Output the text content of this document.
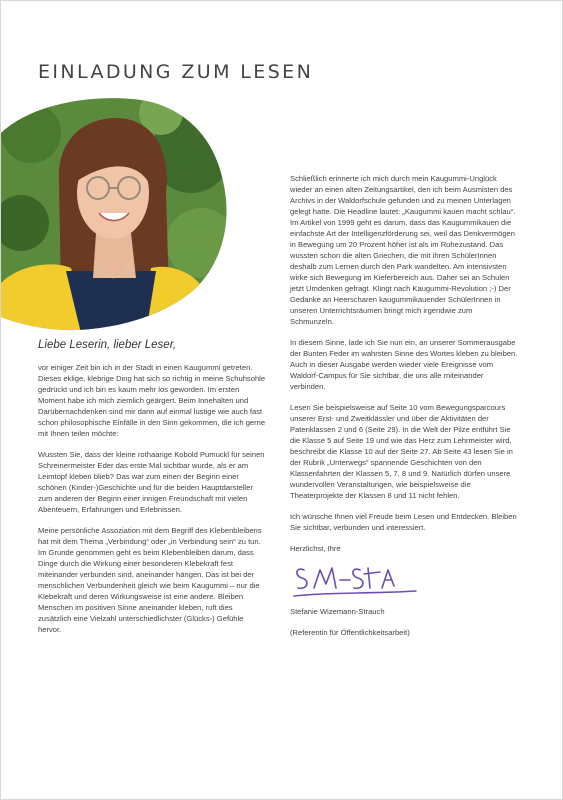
EINLADUNG ZUM LESEN
Liebe Leserin, lieber Leser,

vor einiger Zeit bin ich in der Stadt in einen Kaugummi getreten. Dieses eklige, klebrige Ding hat sich so richtig in meine Schuhsohle gedrückt und ich bin es kaum mehr los geworden. Im ersten Moment habe ich mich ziemlich geärgert. Beim Innehalten und Darübernachdenken sind mir dann auf einmal lustige wie auch fast schon philosophische Einfälle in den Sinn gekommen, die ich gerne mit Ihnen teilen möchte:

Wussten Sie, dass der kleine rothaarige Kobold Pumuckl für seinen Schreinermeister Eder das erste Mal sichtbar wurde, als er am Leimtopf kleben blieb? Das war zum einen der Beginn einer schönen (Kinder-)Geschichte und für die beiden Hauptdarsteller zum anderen der Beginn einer innigen Freundschaft mit vielen Abenteuern, Erfahrungen und Erlebnissen.

Meine persönliche Assoziation mit dem Begriff des Klebenbleibens hat mit dem Thema „Verbindung“ oder „in Verbindung sein“ zu tun. Im Grunde genommen geht es beim Klebenbleiben darum, dass Dinge durch die Wirkung einer besonderen Klebekraft fest miteinander verbunden sind, aneinander hängen. Das ist bei der menschlichen Verbundenheit gleich wie beim Kaugummi – nur die Klebekraft und deren Wirkungsweise ist eine andere. Bleiben Menschen im positiven Sinne aneinander kleben, ruft dies zusätzlich eine Vielzahl unterschiedlichster (Glücks-) Gefühle hervor.

Schließlich erinnerte ich mich durch mein Kaugummi-Unglück wieder an einen alten Zeitungsartikel, den ich beim Ausmisten des Archivs in der Waldorfschule gefunden und zu meinen Unterlagen gelegt hatte. Die Headline lautet: „Kaugummi kauen macht schlau“. Im Artikel von 1999 geht es darum, dass das Kaugummikauen die einfachste Art der Intelligenzförderung sei, weil das Denkvermögen in Bewegung um 20 Prozent höher ist als im Ruhezustand. Das wussten schon die alten Griechen, die mit ihren SchülerInnen deshalb zum Lernen durch den Park wandelten. Am intensivsten wirke sich Bewegung im Kieferbereich aus. Daher sei an Schulen jetzt Umdenken gefragt. Klingt nach Kaugummi-Revolution ;-) Der Gedanke an Heerscharen kaugummikauender SchülerInnen in unseren Unterrichtsräumen bringt mich irgendwie zum Schmunzeln.

In diesem Sinne, lade ich Sie nun ein, an unserer Sommerausgabe der Bunten Feder im wahrsten Sinne des Wortes kleben zu bleiben. Auch in dieser Ausgabe werden wieder viele Ereignisse vom Waldorf-Campus für Sie sichtbar, die uns alle miteinander verbinden.

Lesen Sie beispielsweise auf Seite 10 vom Bewegungsparcours unserer Erst- und Zweitklässler und über die Aktivitäten der Patenklassen 2 und 6 (Seite 29). In die Welt der Pilze entführt Sie die Klasse 5 auf Seite 19 und wie das Herz zum Lehrmeister wird, beschreibt die Klasse 10 auf der Seite 27. Ab Seite 43 lesen Sie in der Rubrik „Unterwegs“ spannende Geschichten von den Klassenfahrten der Klassen 5, 7, 8 und 9. Natürlich dürfen unsere wundervollen Veranstaltungen, wie beispielsweise die Theaterprojekte der Klassen 8 und 11 nicht fehlen.

Ich wünsche Ihnen viel Freude beim Lesen und Entdecken. Bleiben Sie sichtbar, verbunden und interessiert.

Herzlichst, Ihre

Stefanie Wizemann-Strauch

(Referentin für Öffentlichkeitsarbeit)
